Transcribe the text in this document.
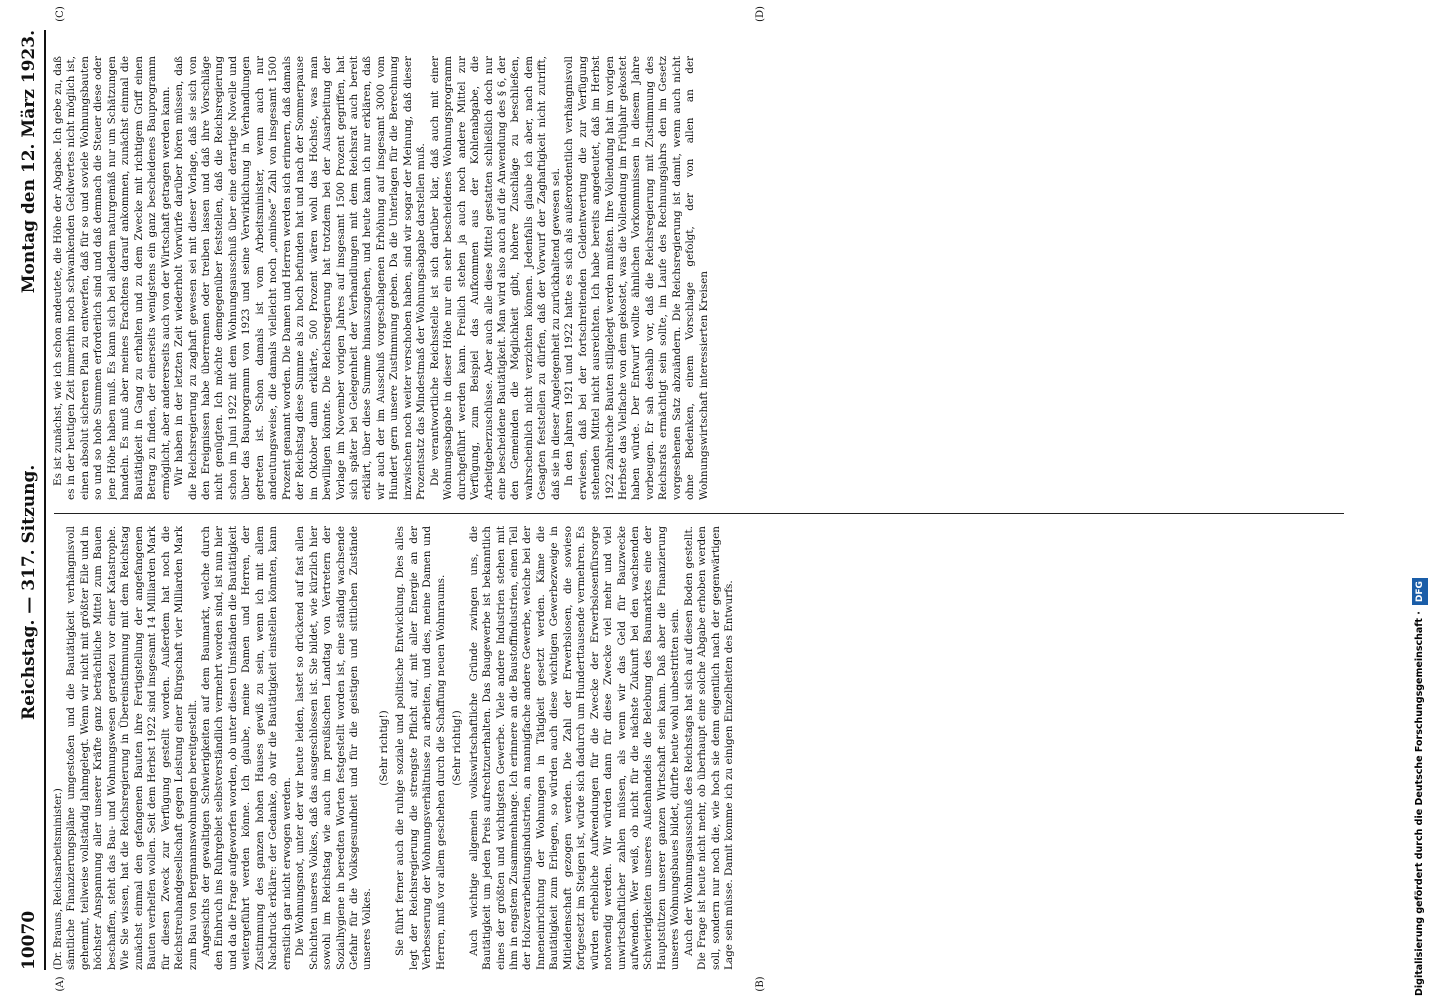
10070
Reichstag. — 317. Sitzung.
Montag den 12. März 1923.
(A)	(B)
(C)	(D)

(Dr. Brauns, Reichsarbeitsminister.) sämtliche Finanzierungspläne umgestoßen und die Bautätigkeit verhängnisvoll gehemmt, teilweise vollständig lahmgelegt. Wenn wir nicht mit größter Eile und in höchster Anspannung aller unserer Kräfte ganz beträchtliche Mittel zum Bauen beschaffen, steht das Bau- und Wohnungswesen geradezu vor einer Katastrophe. Wie Sie wissen, hat die Reichsregierung in Übereinstimmung mit dem Reichstag zunächst einmal den gefangenen Bauten ihre Fertigstellung der angefangenen Bauten verhelfen wollen. Seit dem Herbst 1922 sind insgesamt 14 Milliarden Mark für diesen Zweck zur Verfügung gestellt worden. Außerdem hat noch die Reichstreuhandgesellschaft gegen Leistung einer Bürgschaft vier Milliarden Mark zum Bau von Bergmannswohnungen bereitgestellt. Angesichts der gewaltigen Schwierigkeiten auf dem Baumarkt, welche durch den Einbruch ins Ruhrgebiet selbstverständlich vermehrt worden sind, ist nun hier und da die Frage aufgeworfen worden, ob unter diesen Umständen die Bautätigkeit weitergeführt werden könne. Ich glaube, meine Damen und Herren, der Zustimmung des ganzen hohen Hauses gewiß zu sein, wenn ich mit allem Nachdruck erkläre: der Gedanke, ob wir die Bautätigkeit einstellen könnten, kann ernstlich gar nicht erwogen werden. Die Wohnungsnot, unter der wir heute leiden, lastet so drückend auf fast allen Schichten unseres Volkes, daß das ausgeschlossen ist. Sie bildet, wie kürzlich hier sowohl im Reichstag wie auch im preußischen Landtag von Vertretern der Sozialhygiene in beredten Worten festgestellt worden ist, eine ständig wachsende Gefahr für die Volksgesundheit und für die geistigen und sittlichen Zustände unseres Volkes.

(Sehr richtig!) Sie führt ferner auch die ruhige soziale und politische Entwicklung. Dies alles legt der Reichsregierung die strengste Pflicht auf, mit aller Energie an der Verbesserung der Wohnungsverhältnisse zu arbeiten, und dies, meine Damen und Herren, muß vor allem geschehen durch die Schaffung neuen Wohnraums. (Sehr richtig!) Auch wichtige allgemein volkswirtschaftliche Gründe zwingen uns, die Bautätigkeit um jeden Preis aufrechtzuerhalten. Das Baugewerbe ist bekanntlich eines der größten und wichtigsten Gewerbe. Viele andere Industrien stehen mit ihm in engstem Zusammenhange. Ich erinnere an die Baustoffindustrien, einen Teil der Holzverarbeitungsindustrien, an mannigfache andere Gewerbe, welche bei der Inneneinrichtung der Wohnungen in Tätigkeit gesetzt werden. Käme die Bautätigkeit zum Erliegen, so würden auch diese wichtigen Gewerbezweige in Mitleidenschaft gezogen werden. Die Zahl der Erwerbslosen, die sowieso fortgesetzt im Steigen ist, würde sich dadurch um Hunderttausende vermehren. Es würden erhebliche Aufwendungen für die Zwecke der Erwerbslosenfürsorge notwendig werden. Wir würden dann für diese Zwecke viel mehr und viel unwirtschaftlicher zahlen müssen, als wenn wir das Geld für Bauzwecke aufwenden. Wer weiß, ob nicht für die nächste Zukunft bei den wachsenden Schwierigkeiten unseres Außenhandels die Belebung des Baumarktes eine der Hauptstützen unserer ganzen Wirtschaft sein kann. Daß aber die Finanzierung unseres Wohnungsbaues bildet, dürfte heute wohl unbestritten sein. Auch der Wohnungsausschuß des Reichstags hat sich auf diesen Boden gestellt. Die Frage ist heute nicht mehr, ob überhaupt eine solche Abgabe erhoben werden soll, sondern nur noch die, wie hoch sie denn eigentlich nach der gegenwärtigen Lage sein müsse. Damit komme ich zu einigen Einzelheiten des Entwurfs.

Es ist zunächst, wie ich schon andeutete, die Höhe der Abgabe. Ich gebe zu, daß es in der heutigen Zeit immerhin noch schwankenden Geldwertes nicht möglich ist, einen absolut sicheren Plan zu entwerfen, daß für so und soviele Wohnungsbauten so und so hohe Summen erforderlich sind und daß demnach die Steuer diese oder jene Höhe haben muß. Es kann sich bei alledem naturgemäß nur um Schätzungen handeln. Es muß aber meines Erachtens darauf ankommen, zunächst einmal die Bautätigkeit in Gang zu erhalten und zu dem Zwecke mit richtigem Griff einen Betrag zu finden, der einerseits wenigstens ein ganz bescheidenes Bauprogramm ermöglicht, aber andererseits auch von der Wirtschaft getragen werden kann. Wir haben in der letzten Zeit wiederholt Vorwürfe darüber hören müssen, daß die Reichsregierung zu zaghaft gewesen sei mit dieser Vorlage, daß sie sich von den Ereignissen habe überrennen oder treiben lassen und daß ihre Vorschläge nicht genügten. Ich möchte demgegenüber feststellen, daß die Reichsregierung schon im Juni 1922 mit dem Wohnungsausschuß über eine derartige Novelle und über das Bauprogramm von 1923 und seine Verwirklichung in Verhandlungen getreten ist. Schon damals ist vom Arbeitsminister, wenn auch nur andeutungsweise, die damals vielleicht noch „ominöse“ Zahl von insgesamt 1500 Prozent genannt worden. Die Damen und Herren werden sich erinnern, daß damals der Reichstag diese Summe als zu hoch befunden hat und nach der Sommerpause im Oktober dann erklärte, 500 Prozent wären wohl das Höchste, was man bewilligen könnte. Die Reichsregierung hat trotzdem bei der Ausarbeitung der Vorlage im November vorigen Jahres auf insgesamt 1500 Prozent gegriffen, hat sich später bei Gelegenheit der Verhandlungen mit dem Reichsrat auch bereit erklärt, über diese Summe hinauszugehen, und heute kann ich nur erklären, daß wir auch der im Ausschuß vorgeschlagenen Erhöhung auf insgesamt 3000 vom Hundert gern unsere Zustimmung geben. Da die Unterlagen für die Berechnung inzwischen noch weiter verschoben haben, sind wir sogar der Meinung, daß dieser Prozentsatz das Mindestmaß der Wohnungsabgabe darstellen muß. Die verantwortliche Reichsstelle ist sich darüber klar, daß auch mit einer Wohnungsabgabe in dieser Höhe nur ein sehr bescheidenes Wohnungsprogramm durchgeführt werden kann. Freilich stehen ja auch noch andere Mittel zur Verfügung, zum Beispiel das Aufkommen aus der Kohlenabgabe, die Arbeitgeberzuschüsse. Aber auch alle diese Mittel gestatten schließlich doch nur eine bescheidene Bautätigkeit. Man wird also auch auf die Anwendung des § 6, der den Gemeinden die Möglichkeit gibt, höhere Zuschläge zu beschließen, wahrscheinlich nicht verzichten können. Jedenfalls glaube ich aber, nach dem Gesagten feststellen zu dürfen, daß der Vorwurf der Zaghaftigkeit nicht zutrifft, daß sie in dieser Angelegenheit zu zurückhaltend gewesen sei. In den Jahren 1921 und 1922 hatte es sich als außerordentlich verhängnisvoll erwiesen, daß bei der fortschreitenden Geldentwertung die zur Verfügung stehenden Mittel nicht ausreichten. Ich habe bereits angedeutet, daß im Herbst 1922 zahlreiche Bauten stillgelegt werden mußten. Ihre Vollendung hat im vorigen Herbste das Vielfache von dem gekostet, was die Vollendung im Frühjahr gekostet haben würde. Der Entwurf wollte ähnlichen Vorkommnissen in diesem Jahre vorbeugen. Er sah deshalb vor, daß die Reichsregierung mit Zustimmung des Reichsrats ermächtigt sein sollte, im Laufe des Rechnungsjahrs den im Gesetz vorgesehenen Satz abzuändern. Die Reichsregierung ist damit, wenn auch nicht ohne Bedenken, einem Vorschlage gefolgt, der von allen an der Wohnungswirtschaft interessierten Kreisen

Digitalisierung gefördert durch die Deutsche Forschungsgemeinschaft ·DFG
